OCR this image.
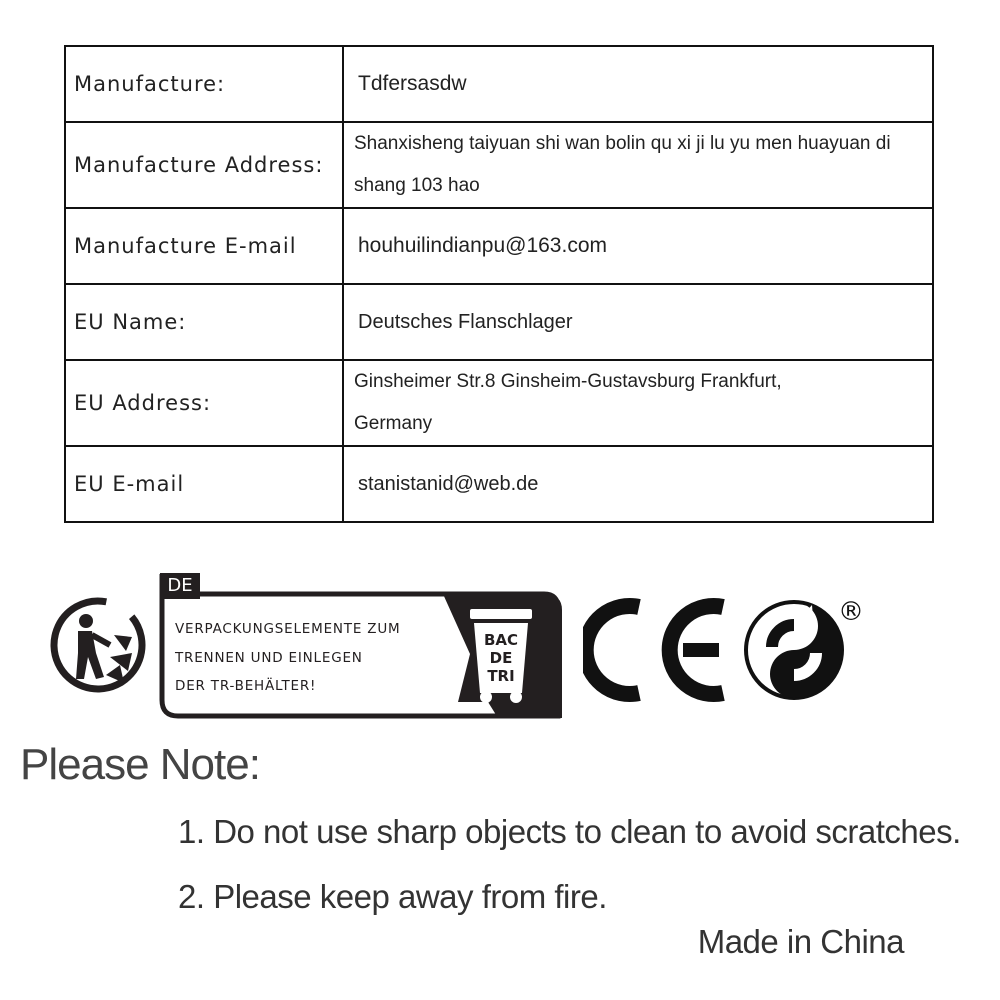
Manufacture:	Tdfersasdw
Manufacture Address:	Shanxisheng taiyuan shi wan bolin qu xi ji lu yu men huayuan di
shang 103 hao

Manufacture E-mail	houhuilindianpu@163.com
EU Name:	Deutsches Flanschlager
EU Address:	Ginsheimer Str.8 Ginsheim-Gustavsburg Frankfurt,
Germany

EU E-mail	stanistanid@web.de
DE
VERPACKUNGSELEMENTE ZUM
TRENNEN UND EINLEGEN
DER TR-BEHÄLTER!
BAC
DE
TRI
®
Please Note:
1. Do not use sharp objects to clean to avoid scratches.
2. Please keep away from fire.
Made in China
